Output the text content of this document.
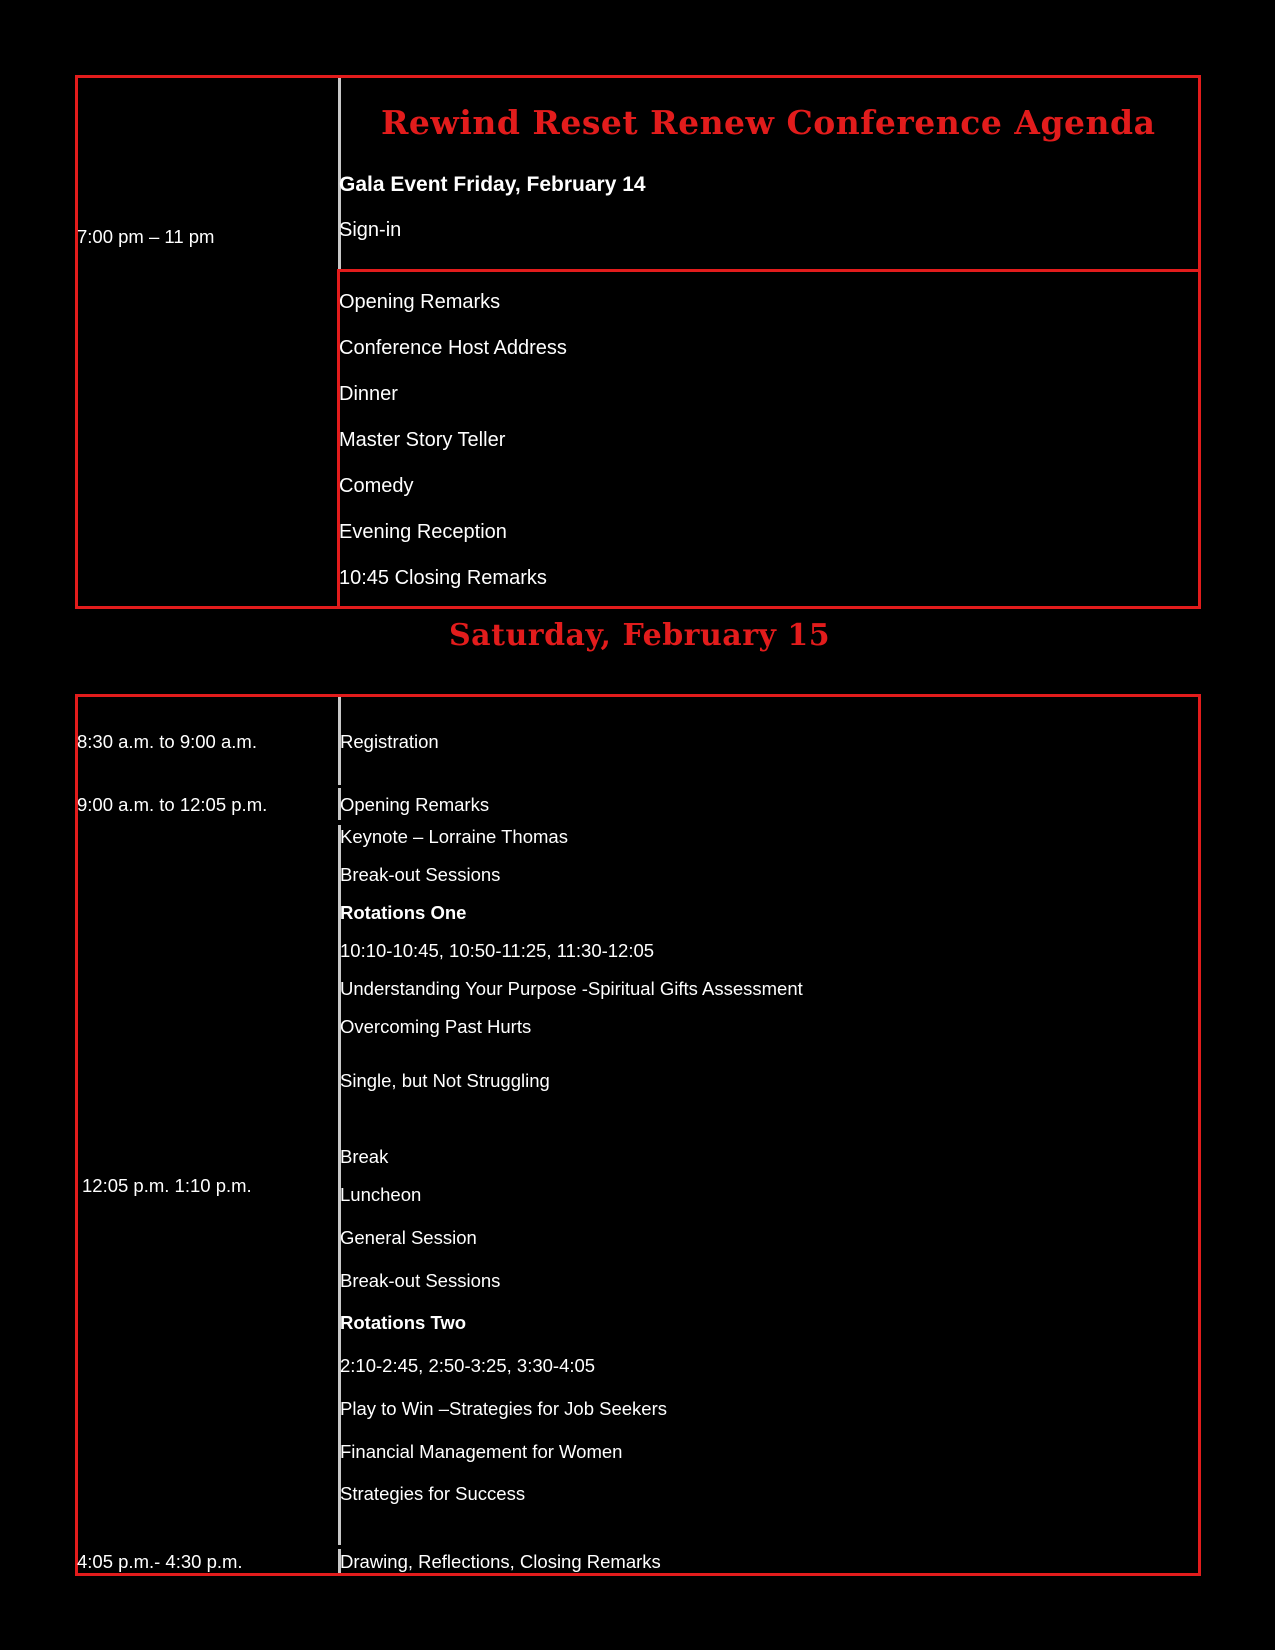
Rewind Reset Renew Conference Agenda
Gala Event Friday, February 14
Sign-in
7:00 pm – 11 pm
Opening Remarks
Conference Host Address
Dinner
Master Story Teller
Comedy
Evening Reception
10:45 Closing Remarks
Saturday, February 15
8:30 a.m. to 9:00 a.m.
9:00 a.m. to 12:05 p.m.
12:05 p.m. 1:10 p.m.
4:05 p.m.- 4:30 p.m.
Registration
Opening Remarks
Keynote – Lorraine Thomas
Break-out Sessions
Rotations One
10:10-10:45, 10:50-11:25, 11:30-12:05
Understanding Your Purpose -Spiritual Gifts Assessment
Overcoming Past Hurts
Single, but Not Struggling
Break
Luncheon
General Session
Break-out Sessions
Rotations Two
2:10-2:45, 2:50-3:25, 3:30-4:05
Play to Win –Strategies for Job Seekers
Financial Management for Women
Strategies for Success
Drawing, Reflections, Closing Remarks
